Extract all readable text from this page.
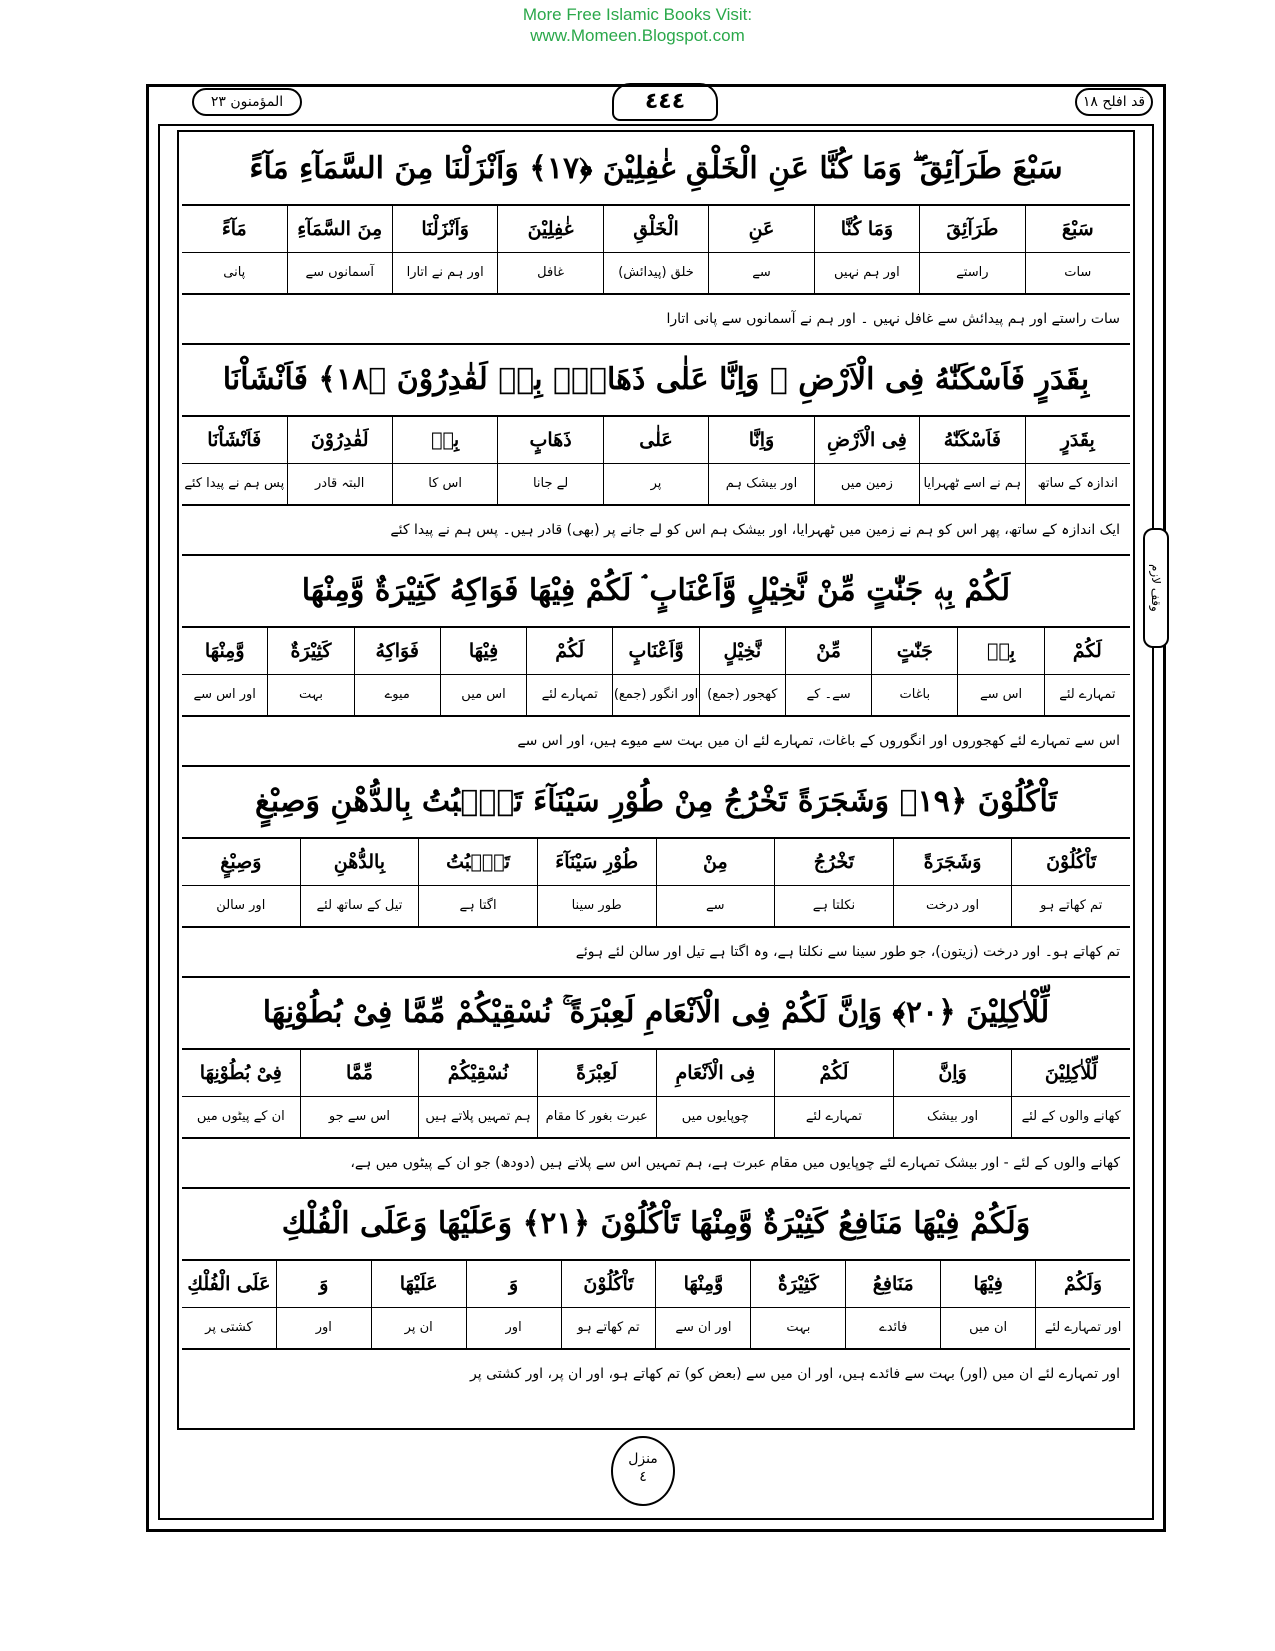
More Free Islamic Books Visit:
www.Momeen.Blogspot.com
قد افلح ١٨
٤٤٤
المؤمنون ٢٣
وقف لازم
سَبْعَ طَرَآئِقَ ۖ وَمَا كُنَّا عَنِ الْخَلْقِ غٰفِلِيْنَ ﴿١٧﴾ وَاَنْزَلْنَا مِنَ السَّمَآءِ مَآءً
سَبْعَ
طَرَآئِقَ
وَمَا كُنَّا
عَنِ
الْخَلْقِ
غٰفِلِيْنَ
وَاَنْزَلْنَا
مِنَ السَّمَآءِ
مَآءً
سات
راستے
اور ہم نہیں
سے
خلق (پیدائش)
غافل
اور ہم نے اتارا
آسمانوں سے
پانی
سات راستے اور ہم پیدائش سے غافل نہیں ۔ اور ہم نے آسمانوں سے پانی اتارا
بِقَدَرٍ فَاَسْكَنّٰهُ فِى الْاَرْضِ ۖ وَاِنَّا عَلٰى ذَهَابٍۢ بِهٖ لَقٰدِرُوْنَ ﴿١٨﴾ فَاَنْشَاْنَا
بِقَدَرٍ
فَاَسْكَنّٰهُ
فِى الْاَرْضِ
وَاِنَّا
عَلٰى
ذَهَابٍ
بِهٖ
لَقٰدِرُوْنَ
فَاَنْشَاْنَا
اندازہ کے ساتھ
ہم نے اسے ٹھہرایا
زمین میں
اور بیشک ہم
پر
لے جانا
اس کا
البتہ قادر
پس ہم نے پیدا کئے
ایک اندازہ کے ساتھ، پھر اس کو ہم نے زمین میں ٹھہرایا، اور بیشک ہم اس کو لے جانے پر (بھی) قادر ہیں۔ پس ہم نے پیدا کئے
لَكُمْ بِهٖ جَنّٰتٍ مِّنْ نَّخِيْلٍ وَّاَعْنَابٍ ۘ لَكُمْ فِيْهَا فَوَاكِهُ كَثِيْرَةٌ وَّمِنْهَا
لَكُمْ
بِهٖ
جَنّٰتٍ
مِّنْ
نَّخِيْلٍ
وَّاَعْنَابٍ
لَكُمْ
فِيْهَا
فَوَاكِهُ
كَثِيْرَةٌ
وَّمِنْهَا
تمہارے لئے
اس سے
باغات
سے۔ کے
کھجور (جمع)
اور انگور (جمع)
تمہارے لئے
اس میں
میوے
بہت
اور اس سے
اس سے تمہارے لئے کھجوروں اور انگوروں کے باغات، تمہارے لئے ان میں بہت سے میوے ہیں، اور اس سے
تَاْكُلُوْنَ ﴿١٩﴾ وَشَجَرَةً تَخْرُجُ مِنْ طُوْرِ سَيْنَآءَ تَنْۢبُتُ بِالدُّهْنِ وَصِبْغٍ
تَاْكُلُوْنَ
وَشَجَرَةً
تَخْرُجُ
مِنْ
طُوْرِ سَيْنَآءَ
تَنْۢبُتُ
بِالدُّهْنِ
وَصِبْغٍ
تم کھاتے ہو
اور درخت
نکلتا ہے
سے
طور سینا
اگتا ہے
تیل کے ساتھ لئے
اور سالن
تم کھاتے ہو۔ اور درخت (زیتون)، جو طور سینا سے نکلتا ہے، وہ اگتا ہے تیل اور سالن لئے ہوئے
لِّلْاٰكِلِيْنَ ﴿٢٠﴾ وَاِنَّ لَكُمْ فِى الْاَنْعَامِ لَعِبْرَةً ۚ نُسْقِيْكُمْ مِّمَّا فِىْ بُطُوْنِهَا
لِّلْاٰكِلِيْنَ
وَاِنَّ
لَكُمْ
فِى الْاَنْعَامِ
لَعِبْرَةً
نُسْقِيْكُمْ
مِّمَّا
فِىْ بُطُوْنِهَا
کھانے والوں کے لئے
اور بیشک
تمہارے لئے
چوپایوں میں
عبرت بغور کا مقام
ہم تمہیں پلاتے ہیں
اس سے جو
ان کے پیٹوں میں
کھانے والوں کے لئے - اور بیشک تمہارے لئے چوپایوں میں مقام عبرت ہے، ہم تمہیں اس سے پلاتے ہیں (دودھ) جو ان کے پیٹوں میں ہے،
وَلَكُمْ فِيْهَا مَنَافِعُ كَثِيْرَةٌ وَّمِنْهَا تَاْكُلُوْنَ ﴿٢١﴾ وَعَلَيْهَا وَعَلَى الْفُلْكِ
وَلَكُمْ
فِيْهَا
مَنَافِعُ
كَثِيْرَةٌ
وَّمِنْهَا
تَاْكُلُوْنَ
وَ
عَلَيْهَا
وَ
عَلَى الْفُلْكِ
اور تمہارے لئے
ان میں
فائدے
بہت
اور ان سے
تم کھاتے ہو
اور
ان پر
اور
کشتی پر
اور تمہارے لئے ان میں (اور) بہت سے فائدے ہیں، اور ان میں سے (بعض کو) تم کھاتے ہو، اور ان پر، اور کشتی پر
منزل
٤
